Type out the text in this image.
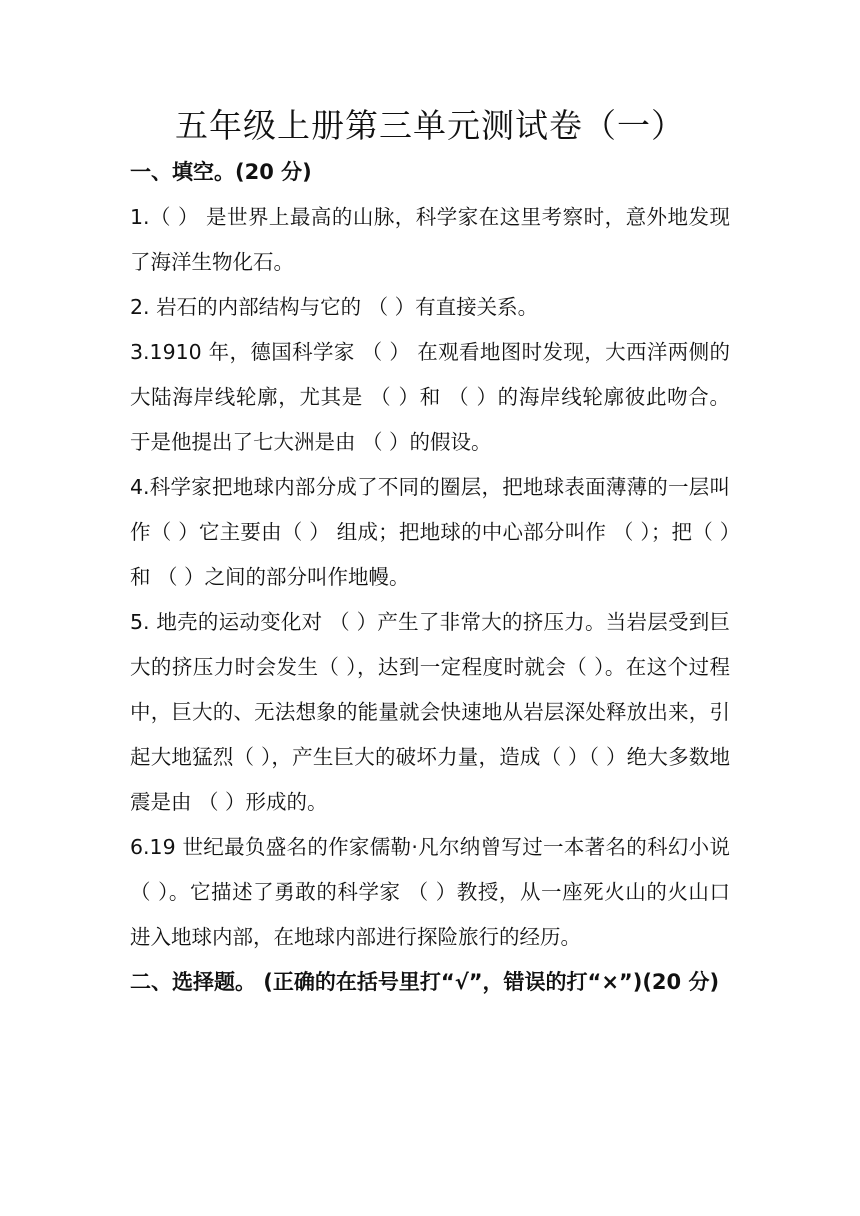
五年级上册第三单元测试卷（一）

一、填空。(20 分)

1.（ ） 是世界上最高的山脉，科学家在这里考察时，意外地发现了海洋生物化石。

2. 岩石的内部结构与它的 （ ）有直接关系。

3.1910 年，德国科学家 （ ） 在观看地图时发现，大西洋两侧的大陆海岸线轮廓，尤其是 （ ）和 （ ）的海岸线轮廓彼此吻合。于是他提出了七大洲是由 （ ）的假设。

4.科学家把地球内部分成了不同的圈层，把地球表面薄薄的一层叫作（ ）它主要由（ ） 组成；把地球的中心部分叫作 （ ）；把（ ）和 （ ）之间的部分叫作地幔。

5. 地壳的运动变化对 （ ）产生了非常大的挤压力。当岩层受到巨大的挤压力时会发生（ ），达到一定程度时就会（ ）。在这个过程中，巨大的、无法想象的能量就会快速地从岩层深处释放出来，引起大地猛烈（ ），产生巨大的破坏力量，造成（ ）（ ）绝大多数地震是由 （ ）形成的。

6.19 世纪最负盛名的作家儒勒·凡尔纳曾写过一本著名的科幻小说 （ ）。它描述了勇敢的科学家 （ ）教授，从一座死火山的火山口进入地球内部，在地球内部进行探险旅行的经历。

二、选择题。 (正确的在括号里打“√”，错误的打“×”)(20 分)
